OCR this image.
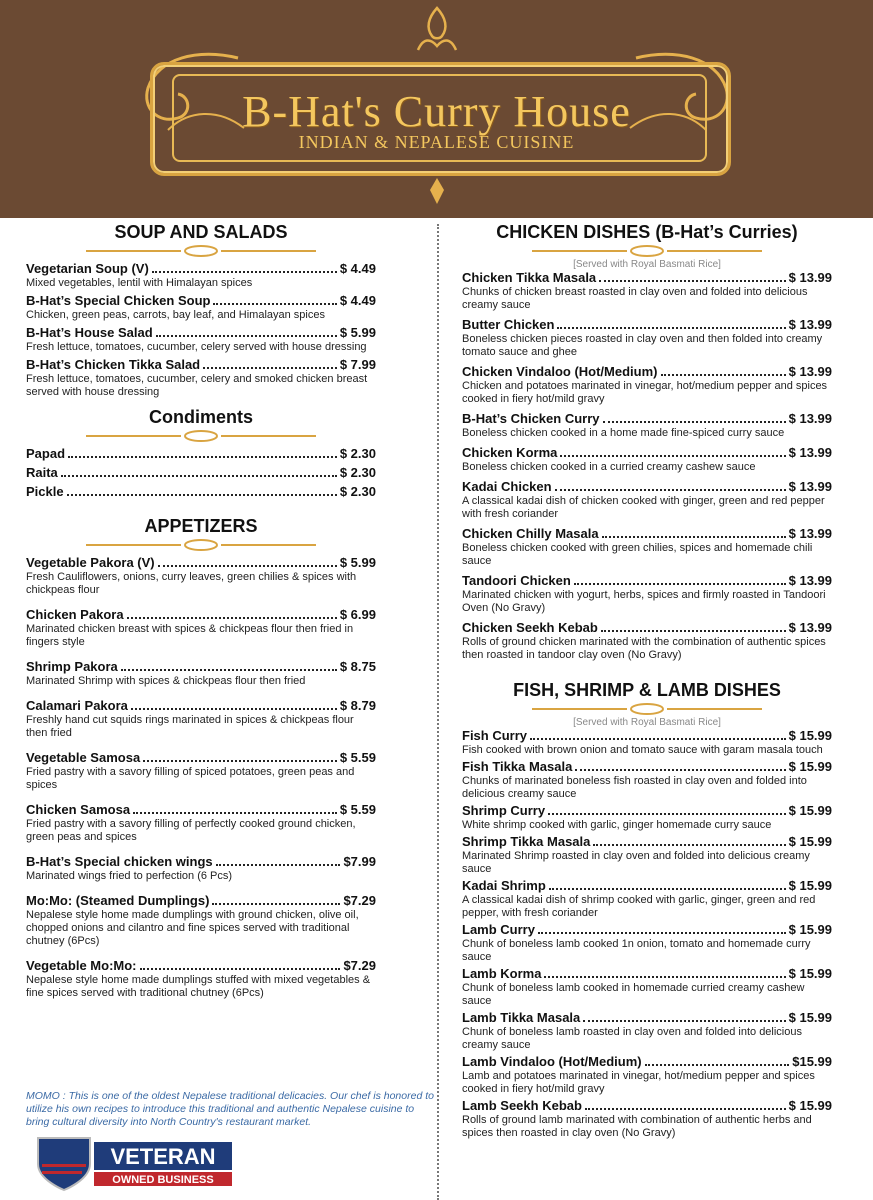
B-Hat's Curry House
INDIAN & NEPALESE CUISINE
SOUP AND SALADS
Vegetarian Soup (V)	$ 4.49
Mixed vegetables, lentil with Himalayan spices
B-Hat’s Special Chicken Soup	$ 4.49
Chicken, green peas, carrots, bay leaf, and Himalayan spices
B-Hat’s House Salad	$ 5.99
Fresh lettuce, tomatoes, cucumber, celery served with house dressing
B-Hat’s Chicken Tikka Salad	$ 7.99
Fresh lettuce, tomatoes, cucumber, celery and smoked chicken breast served with house dressing
Condiments
Papad	$ 2.30
Raita	$ 2.30
Pickle	$ 2.30
APPETIZERS
Vegetable Pakora (V)	$ 5.99
Fresh Cauliflowers, onions, curry leaves, green chilies & spices with chickpeas flour
Chicken Pakora	$ 6.99
Marinated chicken breast with spices & chickpeas flour then fried in fingers style
Shrimp Pakora	$ 8.75
Marinated Shrimp with spices & chickpeas flour then fried
Calamari Pakora	$ 8.79
Freshly hand cut squids rings marinated in spices & chickpeas flour then fried
Vegetable Samosa	$ 5.59
Fried pastry with a savory filling of spiced potatoes, green peas and spices
Chicken Samosa	$ 5.59
Fried pastry with a savory filling of perfectly cooked ground chicken, green peas and spices
B-Hat’s Special chicken wings	$7.99
Marinated wings fried to perfection (6 Pcs)
Mo:Mo: (Steamed Dumplings)	$7.29
Nepalese style home made dumplings with ground chicken, olive oil, chopped onions and cilantro and fine spices served with traditional chutney (6Pcs)
Vegetable Mo:Mo:	$7.29
Nepalese style home made dumplings stuffed with mixed vegetables & fine spices served with traditional chutney (6Pcs)
MOMO : This is one of the oldest Nepalese traditional delicacies. Our chef is honored to utilize his own recipes to introduce this traditional and authentic Nepalese cuisine to bring cultural diversity into North Country's restaurant market.
VETERAN
OWNED BUSINESS
CHICKEN DISHES (B-Hat’s Curries)
[Served with Royal Basmati Rice]
Chicken Tikka Masala	$ 13.99
Chunks of chicken breast roasted in clay oven and folded into delicious creamy sauce
Butter Chicken	$ 13.99
Boneless chicken pieces roasted in clay oven and then folded into creamy tomato sauce and ghee
Chicken Vindaloo (Hot/Medium)	$ 13.99
Chicken and potatoes marinated in vinegar, hot/medium pepper and spices cooked in fiery hot/mild gravy
B-Hat’s Chicken Curry	$ 13.99
Boneless chicken cooked in a home made fine-spiced curry sauce
Chicken Korma	$ 13.99
Boneless chicken cooked in a curried creamy cashew sauce
Kadai Chicken	$ 13.99
A classical kadai dish of chicken cooked with ginger, green and red pepper with fresh coriander
Chicken Chilly Masala	$ 13.99
Boneless chicken cooked with green chilies, spices and homemade chili sauce
Tandoori Chicken	$ 13.99
Marinated chicken with yogurt, herbs, spices and firmly roasted in Tandoori Oven (No Gravy)
Chicken Seekh Kebab	$ 13.99
Rolls of ground chicken marinated with the combination of authentic spices then roasted in tandoor clay oven (No Gravy)
FISH, SHRIMP & LAMB DISHES
[Served with Royal Basmati Rice]
Fish Curry	$ 15.99
Fish cooked with brown onion and tomato sauce with garam masala touch
Fish Tikka Masala	$ 15.99
Chunks of marinated boneless fish roasted in clay oven and folded into delicious creamy sauce
Shrimp Curry	$ 15.99
White shrimp cooked with garlic, ginger homemade curry sauce
Shrimp Tikka Masala	$ 15.99
Marinated Shrimp roasted in clay oven and folded into delicious creamy sauce
Kadai Shrimp	$ 15.99
A classical kadai dish of shrimp cooked with garlic, ginger, green and red pepper, with fresh coriander
Lamb Curry	$ 15.99
Chunk of boneless lamb cooked 1n onion, tomato and homemade curry sauce
Lamb Korma	$ 15.99
Chunk of boneless lamb cooked in homemade curried creamy cashew sauce
Lamb Tikka Masala	$ 15.99
Chunk of boneless lamb roasted in clay oven and folded into delicious creamy sauce
Lamb Vindaloo (Hot/Medium)	$15.99
Lamb and potatoes marinated in vinegar, hot/medium pepper and spices cooked in fiery hot/mild gravy
Lamb Seekh Kebab	$ 15.99
Rolls of ground lamb marinated with combination of authentic herbs and spices then roasted in clay oven (No Gravy)
